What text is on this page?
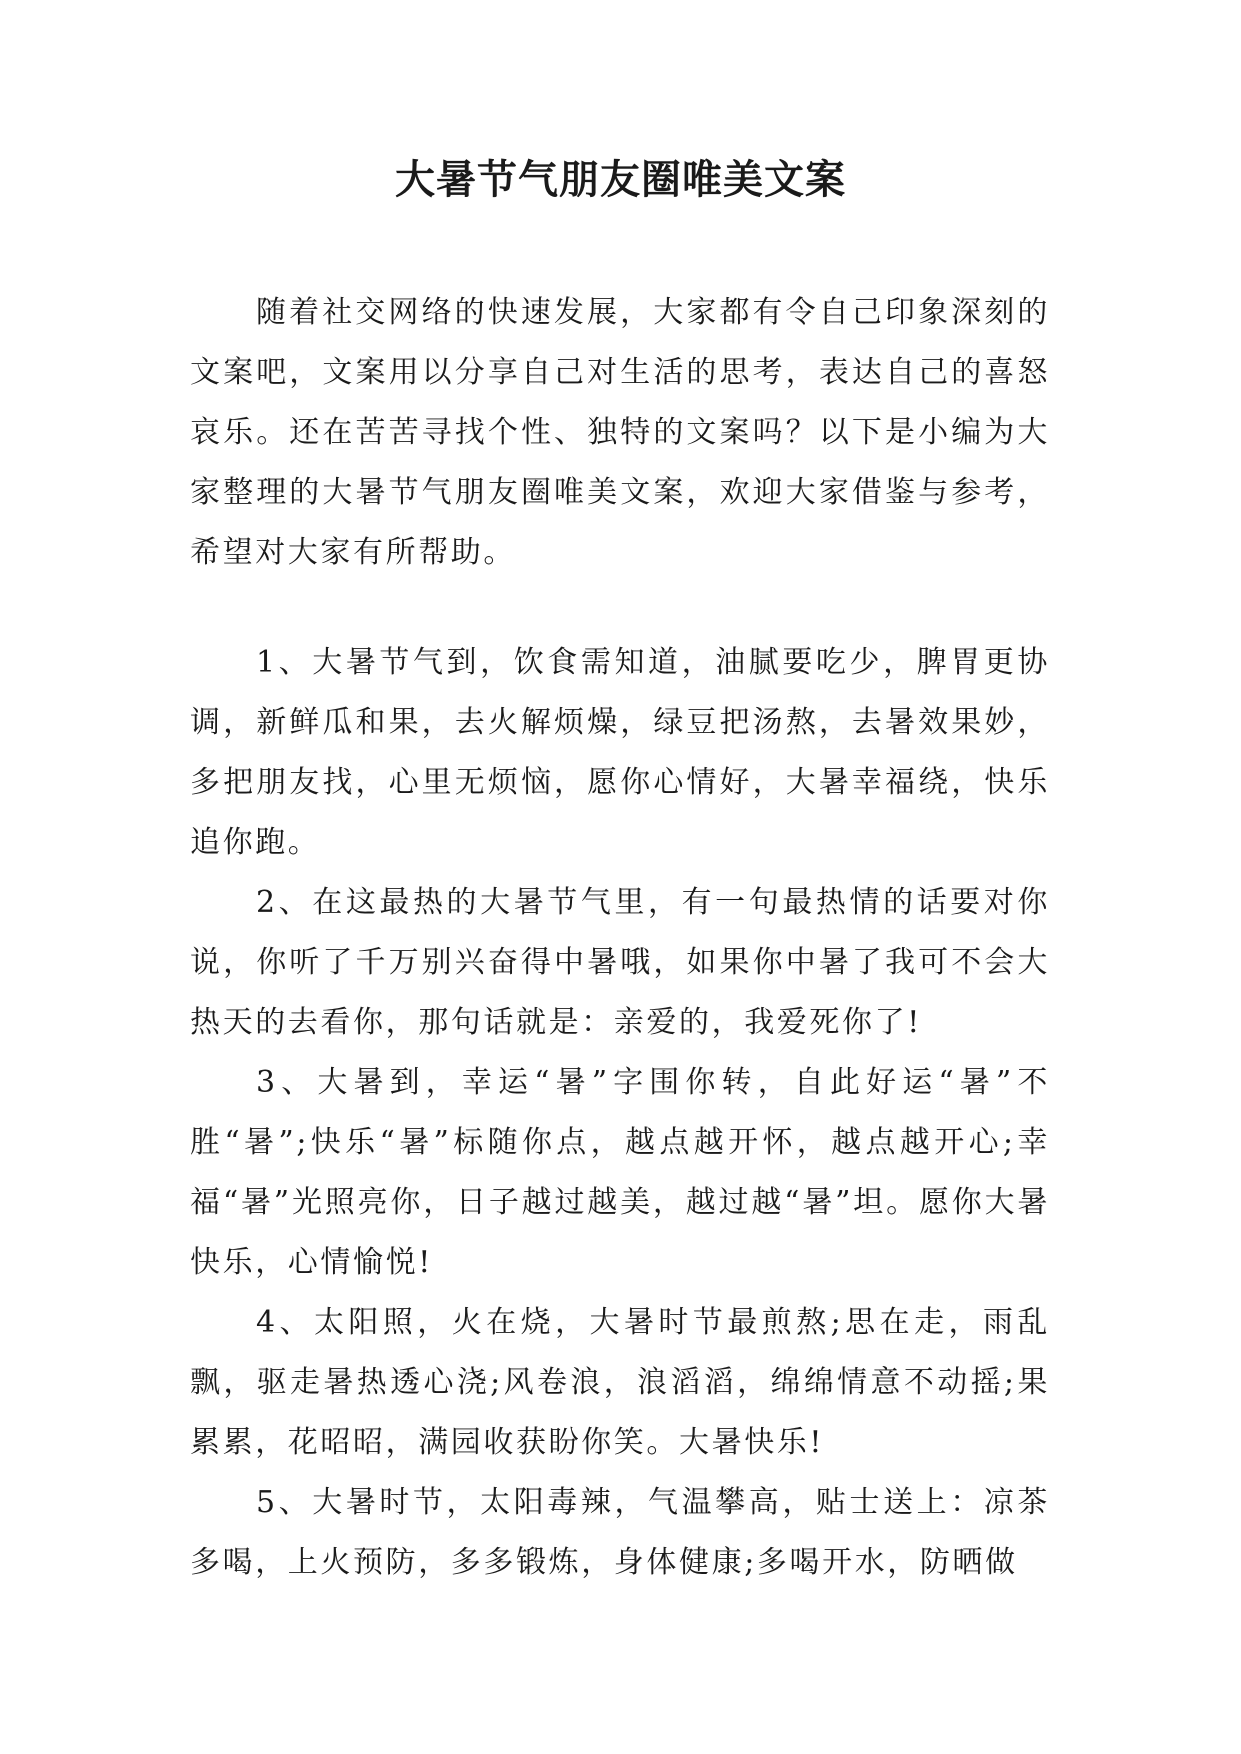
大暑节气朋友圈唯美文案

随着社交网络的快速发展，大家都有令自己印象深刻的文案吧，文案用以分享自己对生活的思考，表达自己的喜怒哀乐。还在苦苦寻找个性、独特的文案吗？以下是小编为大家整理的大暑节气朋友圈唯美文案，欢迎大家借鉴与参考，希望对大家有所帮助。

1、大暑节气到，饮食需知道，油腻要吃少，脾胃更协调，新鲜瓜和果，去火解烦燥，绿豆把汤熬，去暑效果妙，多把朋友找，心里无烦恼，愿你心情好，大暑幸福绕，快乐追你跑。

2、在这最热的大暑节气里，有一句最热情的话要对你说，你听了千万别兴奋得中暑哦，如果你中暑了我可不会大热天的去看你，那句话就是：亲爱的，我爱死你了!

3、大暑到，幸运“暑”字围你转，自此好运“暑”不胜“暑”;快乐“暑”标随你点，越点越开怀，越点越开心;幸福“暑”光照亮你，日子越过越美，越过越“暑”坦。愿你大暑快乐，心情愉悦!

4、太阳照，火在烧，大暑时节最煎熬;思在走，雨乱飘，驱走暑热透心浇;风卷浪，浪滔滔，绵绵情意不动摇;果累累，花昭昭，满园收获盼你笑。大暑快乐!

5、大暑时节，太阳毒辣，气温攀高，贴士送上：凉茶多喝，上火预防，多多锻炼，身体健康;多喝开水，防晒做
